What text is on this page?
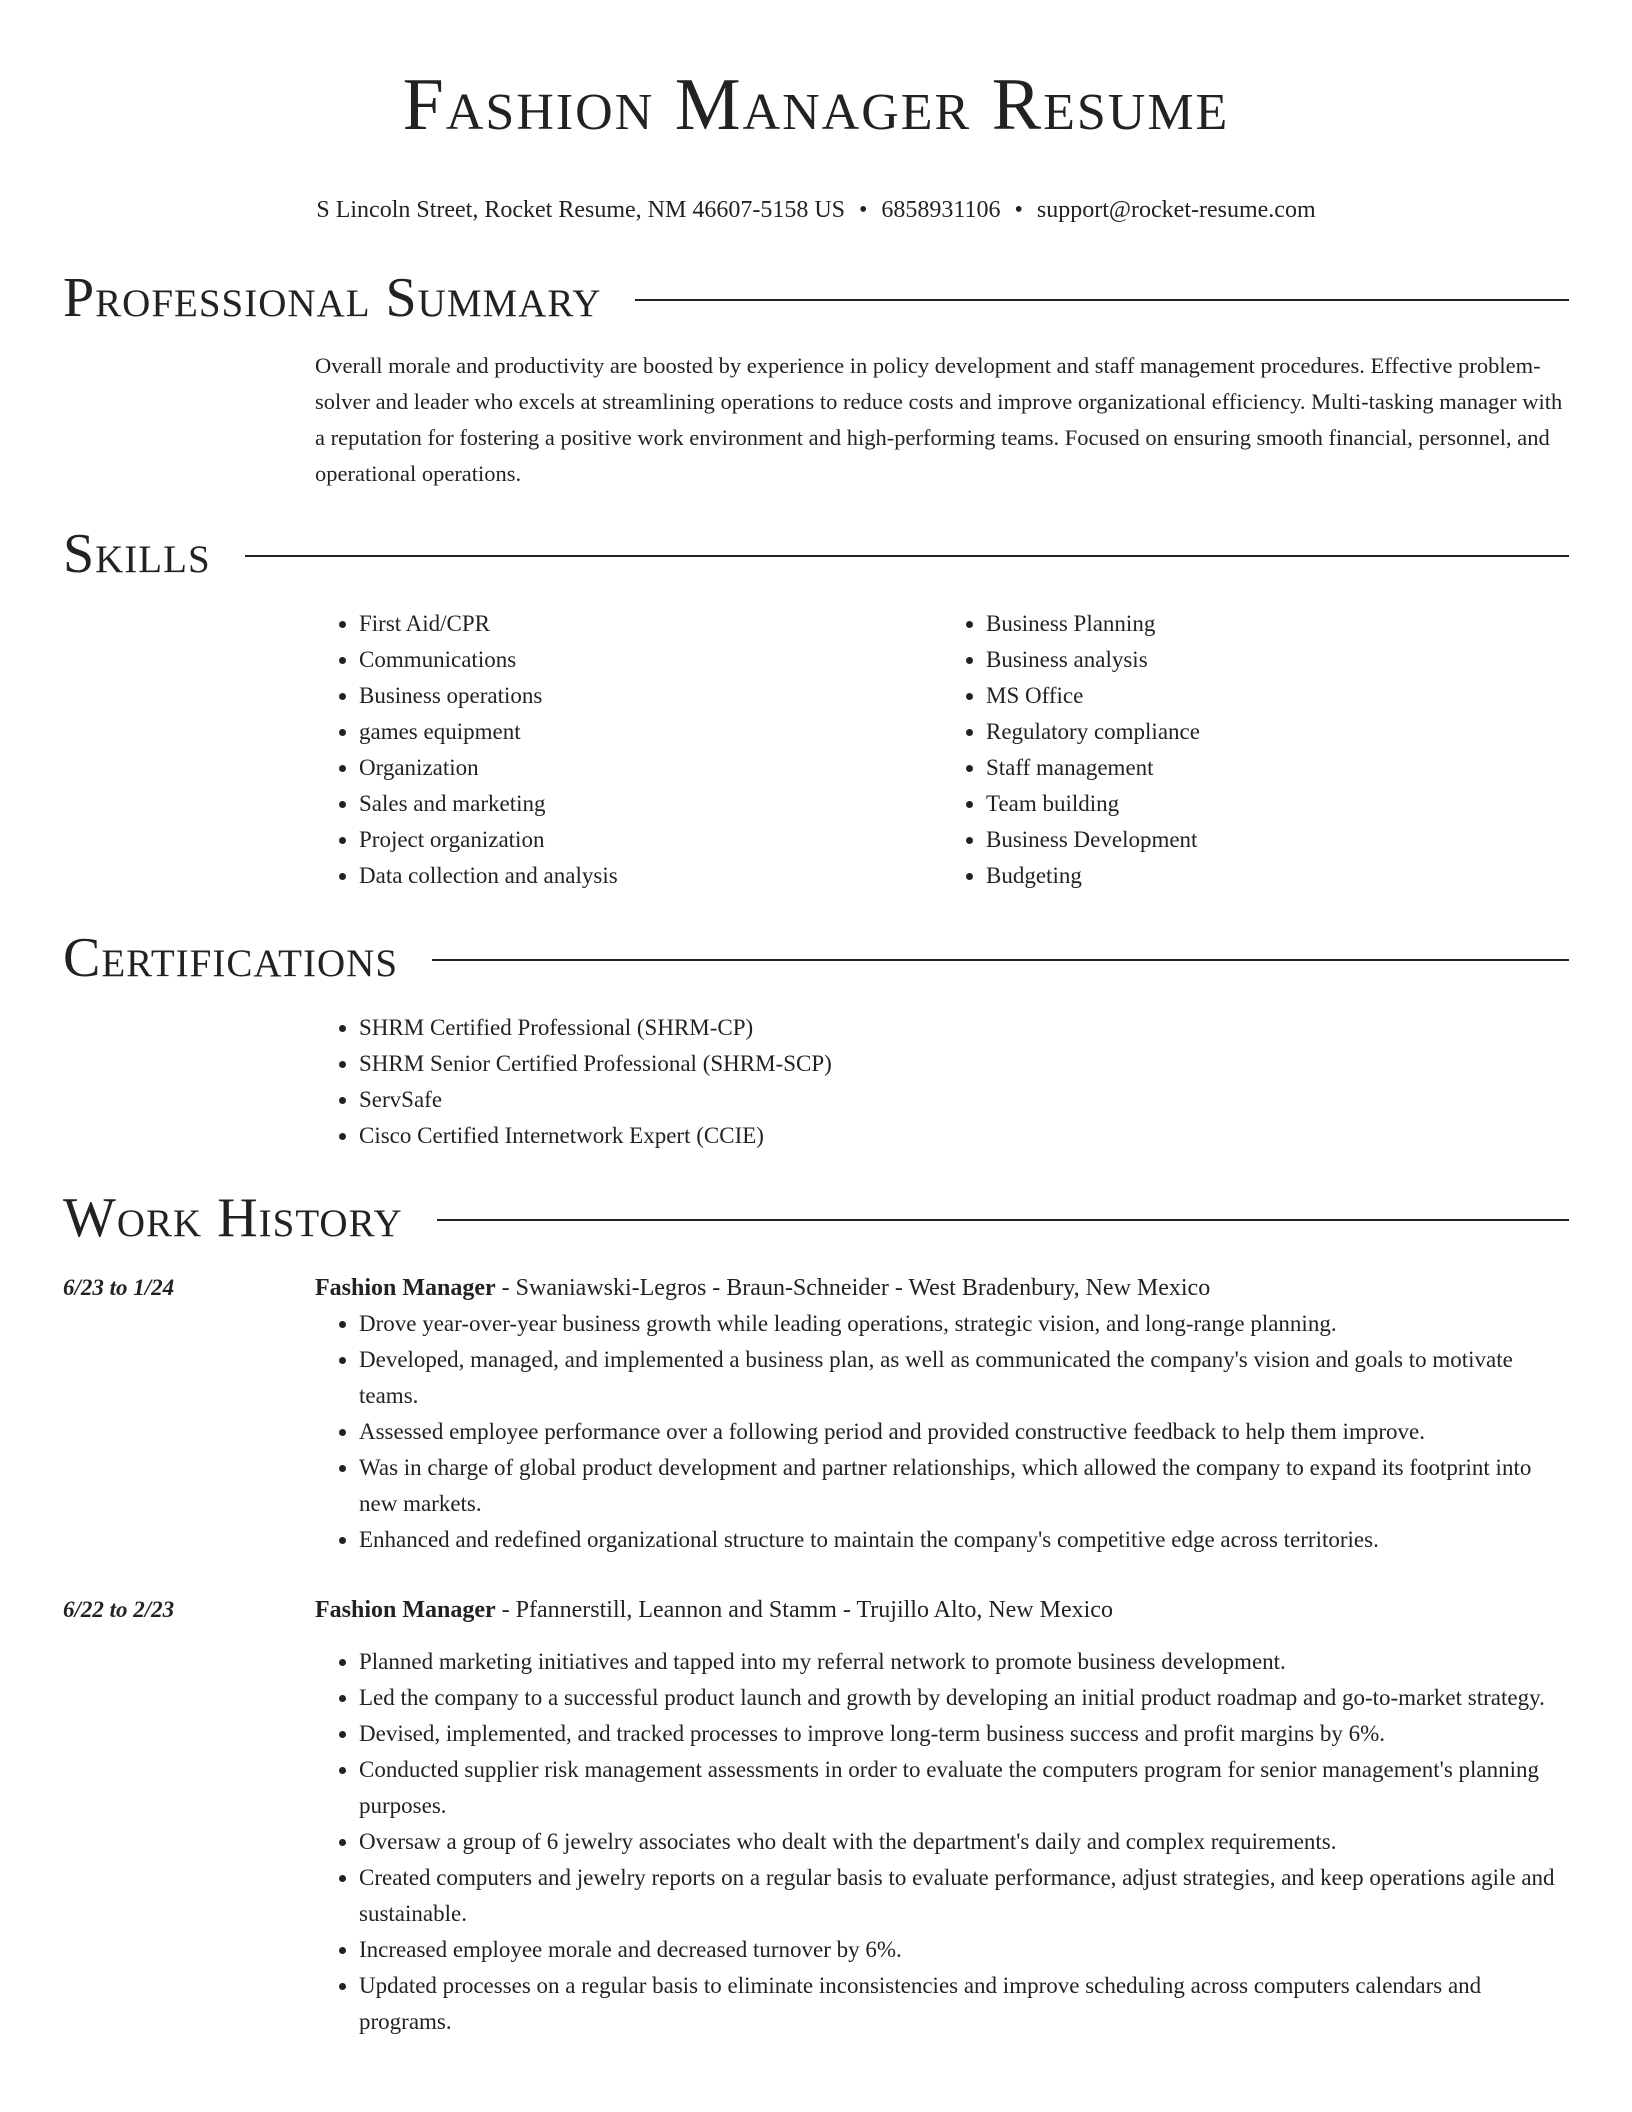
Fashion Manager Resume
S Lincoln Street, Rocket Resume, NM 46607-5158 US • 6858931106 • support@rocket-resume.com
Professional Summary

Overall morale and productivity are boosted by experience in policy development and staff management procedures. Effective problem-solver and leader who excels at streamlining operations to reduce costs and improve organizational efficiency. Multi-tasking manager with a reputation for fostering a positive work environment and high-performing teams. Focused on ensuring smooth financial, personnel, and operational operations.

Skills
• First Aid/CPR
• Communications
• Business operations
• games equipment
• Organization
• Sales and marketing
• Project organization
• Data collection and analysis
• Business Planning
• Business analysis
• MS Office
• Regulatory compliance
• Staff management
• Team building
• Business Development
• Budgeting
Certifications
• SHRM Certified Professional (SHRM-CP)
• SHRM Senior Certified Professional (SHRM-SCP)
• ServSafe
• Cisco Certified Internetwork Expert (CCIE)
Work History
6/23 to 1/24	Fashion Manager - Swaniawski-Legros - Braun-Schneider - West Bradenbury, New Mexico
• Drove year-over-year business growth while leading operations, strategic vision, and long-range planning.
• Developed, managed, and implemented a business plan, as well as communicated the company's vision and goals to motivate teams.
• Assessed employee performance over a following period and provided constructive feedback to help them improve.
• Was in charge of global product development and partner relationships, which allowed the company to expand its footprint into new markets.
• Enhanced and redefined organizational structure to maintain the company's competitive edge across territories.
6/22 to 2/23	Fashion Manager - Pfannerstill, Leannon and Stamm - Trujillo Alto, New Mexico
• Planned marketing initiatives and tapped into my referral network to promote business development.
• Led the company to a successful product launch and growth by developing an initial product roadmap and go-to-market strategy.
• Devised, implemented, and tracked processes to improve long-term business success and profit margins by 6%.
• Conducted supplier risk management assessments in order to evaluate the computers program for senior management's planning purposes.
• Oversaw a group of 6 jewelry associates who dealt with the department's daily and complex requirements.
• Created computers and jewelry reports on a regular basis to evaluate performance, adjust strategies, and keep operations agile and sustainable.
• Increased employee morale and decreased turnover by 6%.
• Updated processes on a regular basis to eliminate inconsistencies and improve scheduling across computers calendars and programs.
